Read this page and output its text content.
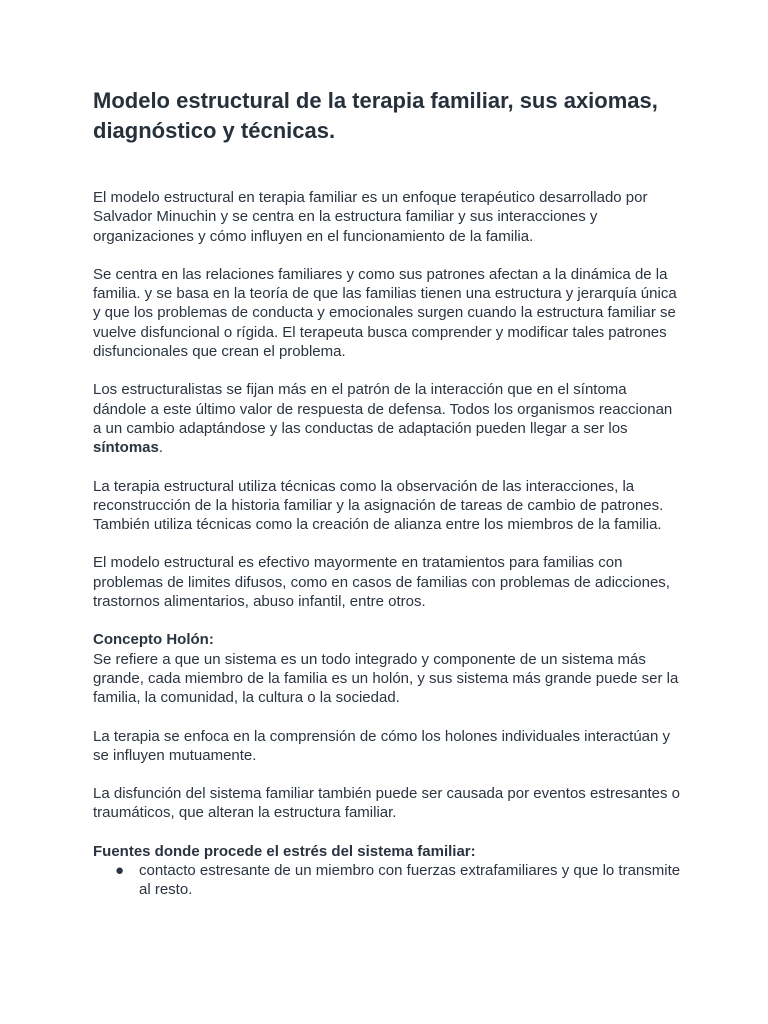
Modelo estructural de la terapia familiar, sus axiomas, diagnóstico y técnicas.

El modelo estructural en terapia familiar es un enfoque terapéutico desarrollado por Salvador Minuchin y se centra en la estructura familiar y sus interacciones y organizaciones y cómo influyen en el funcionamiento de la familia.

Se centra en las relaciones familiares y como sus patrones afectan a la dinámica de la familia. y se basa en la teoría de que las familias tienen una estructura y jerarquía única y que los problemas de conducta y emocionales surgen cuando la estructura familiar se vuelve disfuncional o rígida. El terapeuta busca comprender y modificar tales patrones disfuncionales que crean el problema.

Los estructuralistas se fijan más en el patrón de la interacción que en el síntoma dándole a este último valor de respuesta de defensa. Todos los organismos reaccionan a un cambio adaptándose y las conductas de adaptación pueden llegar a ser los síntomas.

La terapia estructural utiliza técnicas como la observación de las interacciones, la reconstrucción de la historia familiar y la asignación de tareas de cambio de patrones. También utiliza técnicas como la creación de alianza entre los miembros de la familia.

El modelo estructural es efectivo mayormente en tratamientos para familias con problemas de limites difusos, como en casos de familias con problemas de adicciones, trastornos alimentarios, abuso infantil, entre otros.

Concepto Holón:

Se refiere a que un sistema es un todo integrado y componente de un sistema más grande, cada miembro de la familia es un holón, y sus sistema más grande puede ser la familia, la comunidad, la cultura o la sociedad.

La terapia se enfoca en la comprensión de cómo los holones individuales interactúan y se influyen mutuamente.

La disfunción del sistema familiar también puede ser causada por eventos estresantes o traumáticos, que alteran la estructura familiar.

Fuentes donde procede el estrés del sistema familiar:

● contacto estresante de un miembro con fuerzas extrafamiliares y que lo transmite al resto.
